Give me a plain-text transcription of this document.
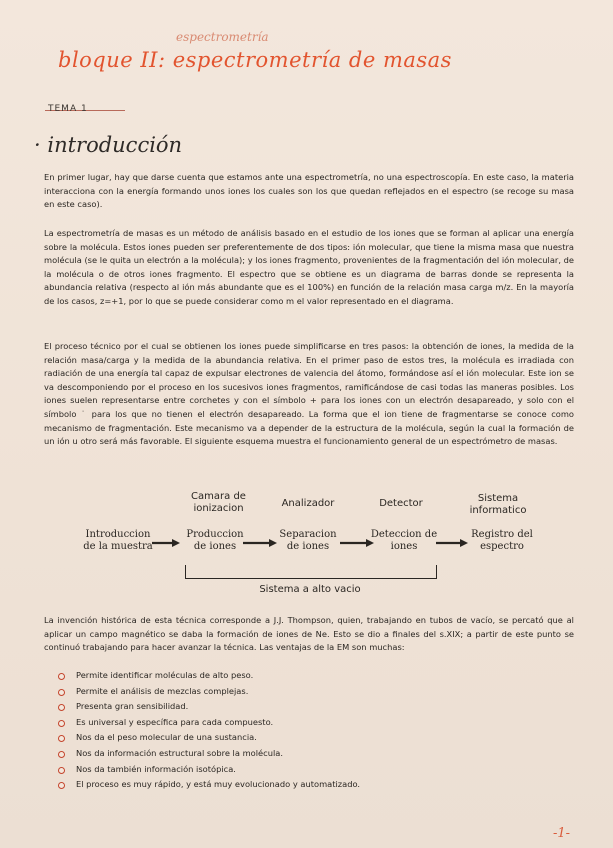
espectrometría
bloque II: espectrometría de masas
TEMA 1
· introducción

En primer lugar, hay que darse cuenta que estamos ante una espectrometría, no una espectroscopía. En este caso, la materia interacciona con la energía formando unos iones los cuales son los que quedan reflejados en el espectro (se recoge su masa en este caso).

La espectrometría de masas es un método de análisis basado en el estudio de los iones que se forman al aplicar una energía sobre la molécula. Estos iones pueden ser preferentemente de dos tipos: ión molecular, que tiene la misma masa que nuestra molécula (se le quita un electrón a la molécula); y los iones fragmento, provenientes de la fragmentación del ión molecular, de la molécula o de otros iones fragmento. El espectro que se obtiene es un diagrama de barras donde se representa la abundancia relativa (respecto al ión más abundante que es el 100%) en función de la relación masa carga m/z. En la mayoría de los casos, z=+1, por lo que se puede considerar como m el valor representado en el diagrama.

El proceso técnico por el cual se obtienen los iones puede simplificarse en tres pasos: la obtención de iones, la medida de la relación masa/carga y la medida de la abundancia relativa. En el primer paso de estos tres, la molécula es irradiada con radiación de una energía tal capaz de expulsar electrones de valencia del átomo, formándose así el ión molecular. Este ion se va descomponiendo por el proceso en los sucesivos iones fragmentos, ramificándose de casi todas las maneras posibles. Los iones suelen representarse entre corchetes y con el símbolo + para los iones con un electrón desapareado, y solo con el símbolo ˙ para los que no tienen el electrón desapareado. La forma que el ion tiene de fragmentarse se conoce como mecanismo de fragmentación. Este mecanismo va a depender de la estructura de la molécula, según la cual la formación de un ión u otro será más favorable. El siguiente esquema muestra el funcionamiento general de un espectrómetro de masas.

Camara de ionizacion	Analizador	Detector	Sistema informatico
Introduccion de la muestra
Produccion de iones
Separacion de iones
Deteccion de iones
Registro del espectro
Sistema a alto vacio

La invención histórica de esta técnica corresponde a J.J. Thompson, quien, trabajando en tubos de vacío, se percató que al aplicar un campo magnético se daba la formación de iones de Ne. Esto se dio a finales del s.XIX; a partir de este punto se continuó trabajando para hacer avanzar la técnica. Las ventajas de la EM son muchas:

Permite identificar moléculas de alto peso.
Permite el análisis de mezclas complejas.
Presenta gran sensibilidad.
Es universal y específica para cada compuesto.
Nos da el peso molecular de una sustancia.
Nos da información estructural sobre la molécula.
Nos da también información isotópica.
El proceso es muy rápido, y está muy evolucionado y automatizado.
-1-
